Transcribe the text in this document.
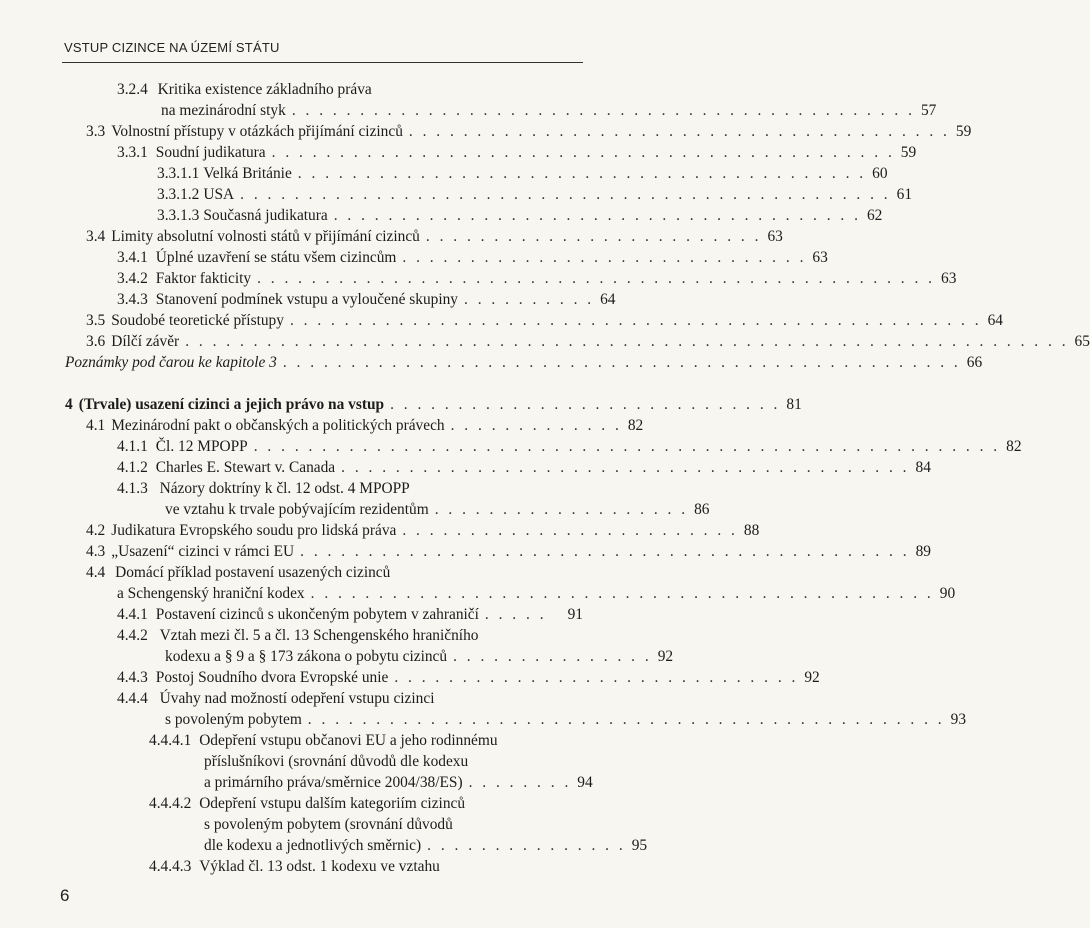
VSTUP CIZINCE NA ÚZEMÍ STÁTU
3.2.4 Kritika existence základního práva
na mezinárodní styk . . . . . . . . . . . . . . . . . . . . . . . . . . . . . . . . . . . . . . . . . . . . . . 57
3.3 Volnostní přístupy v otázkách přijímání cizinců . . . . . . . . . . . . . . . . . . . . . . . . . . . . . . . . . . . . . . . . 59
3.3.1 Soudní judikatura . . . . . . . . . . . . . . . . . . . . . . . . . . . . . . . . . . . . . . . . . . . . . . 59
3.3.1.1 Velká Británie . . . . . . . . . . . . . . . . . . . . . . . . . . . . . . . . . . . . . . . . . . 60
3.3.1.2 USA . . . . . . . . . . . . . . . . . . . . . . . . . . . . . . . . . . . . . . . . . . . . . . . . 61
3.3.1.3 Současná judikatura . . . . . . . . . . . . . . . . . . . . . . . . . . . . . . . . . . . . . . . 62
3.4 Limity absolutní volnosti států v přijímání cizinců . . . . . . . . . . . . . . . . . . . . . . . . . 63
3.4.1 Úplné uzavření se státu všem cizincům . . . . . . . . . . . . . . . . . . . . . . . . . . . . . . 63
3.4.2 Faktor fakticity . . . . . . . . . . . . . . . . . . . . . . . . . . . . . . . . . . . . . . . . . . . . . . . . . . 63
3.4.3 Stanovení podmínek vstupu a vyloučené skupiny . . . . . . . . . . 64
3.5 Soudobé teoretické přístupy . . . . . . . . . . . . . . . . . . . . . . . . . . . . . . . . . . . . . . . . . . . . . . . . . . . 64
3.6 Dílčí závěr . . . . . . . . . . . . . . . . . . . . . . . . . . . . . . . . . . . . . . . . . . . . . . . . . . . . . . . . . . . . . . . . . 65
Poznámky pod čarou ke kapitole 3 . . . . . . . . . . . . . . . . . . . . . . . . . . . . . . . . . . . . . . . . . . . . . . . . . . 66
4 (Trvale) usazení cizinci a jejich právo na vstup . . . . . . . . . . . . . . . . . . . . . . . . . . . . . 81
4.1 Mezinárodní pakt o občanských a politických právech . . . . . . . . . . . . . 82
4.1.1 Čl. 12 MPOPP . . . . . . . . . . . . . . . . . . . . . . . . . . . . . . . . . . . . . . . . . . . . . . . . . . . . . . . 82
4.1.2 Charles E. Stewart v. Canada . . . . . . . . . . . . . . . . . . . . . . . . . . . . . . . . . . . . . . . . . . 84
4.1.3 Názory doktríny k čl. 12 odst. 4 MPOPP
ve vztahu k trvale pobývajícím rezidentům . . . . . . . . . . . . . . . . . . . 86
4.2 Judikatura Evropského soudu pro lidská práva . . . . . . . . . . . . . . . . . . . . . . . . . 88
4.3 „Usazení“ cizinci v rámci EU . . . . . . . . . . . . . . . . . . . . . . . . . . . . . . . . . . . . . . . . . . . . . 89
4.4 Domácí příklad postavení usazených cizinců
a Schengenský hraniční kodex . . . . . . . . . . . . . . . . . . . . . . . . . . . . . . . . . . . . . . . . . . . . . . 90
4.4.1 Postavení cizinců s ukončeným pobytem v zahraničí . . . . .	91
4.4.2 Vztah mezi čl. 5 a čl. 13 Schengenského hraničního
kodexu a § 9 a § 173 zákona o pobytu cizinců . . . . . . . . . . . . . . . 92
4.4.3 Postoj Soudního dvora Evropské unie . . . . . . . . . . . . . . . . . . . . . . . . . . . . . . 92
4.4.4 Úvahy nad možností odepření vstupu cizinci
s povoleným pobytem . . . . . . . . . . . . . . . . . . . . . . . . . . . . . . . . . . . . . . . . . . . . . . . 93
4.4.4.1 Odepření vstupu občanovi EU a jeho rodinnému
příslušníkovi (srovnání důvodů dle kodexu
a primárního práva/směrnice 2004/38/ES) . . . . . . . . 94
4.4.4.2 Odepření vstupu dalším kategoriím cizinců
s povoleným pobytem (srovnání důvodů
dle kodexu a jednotlivých směrnic) . . . . . . . . . . . . . . . 95
4.4.4.3 Výklad čl. 13 odst. 1 kodexu ve vztahu
6
